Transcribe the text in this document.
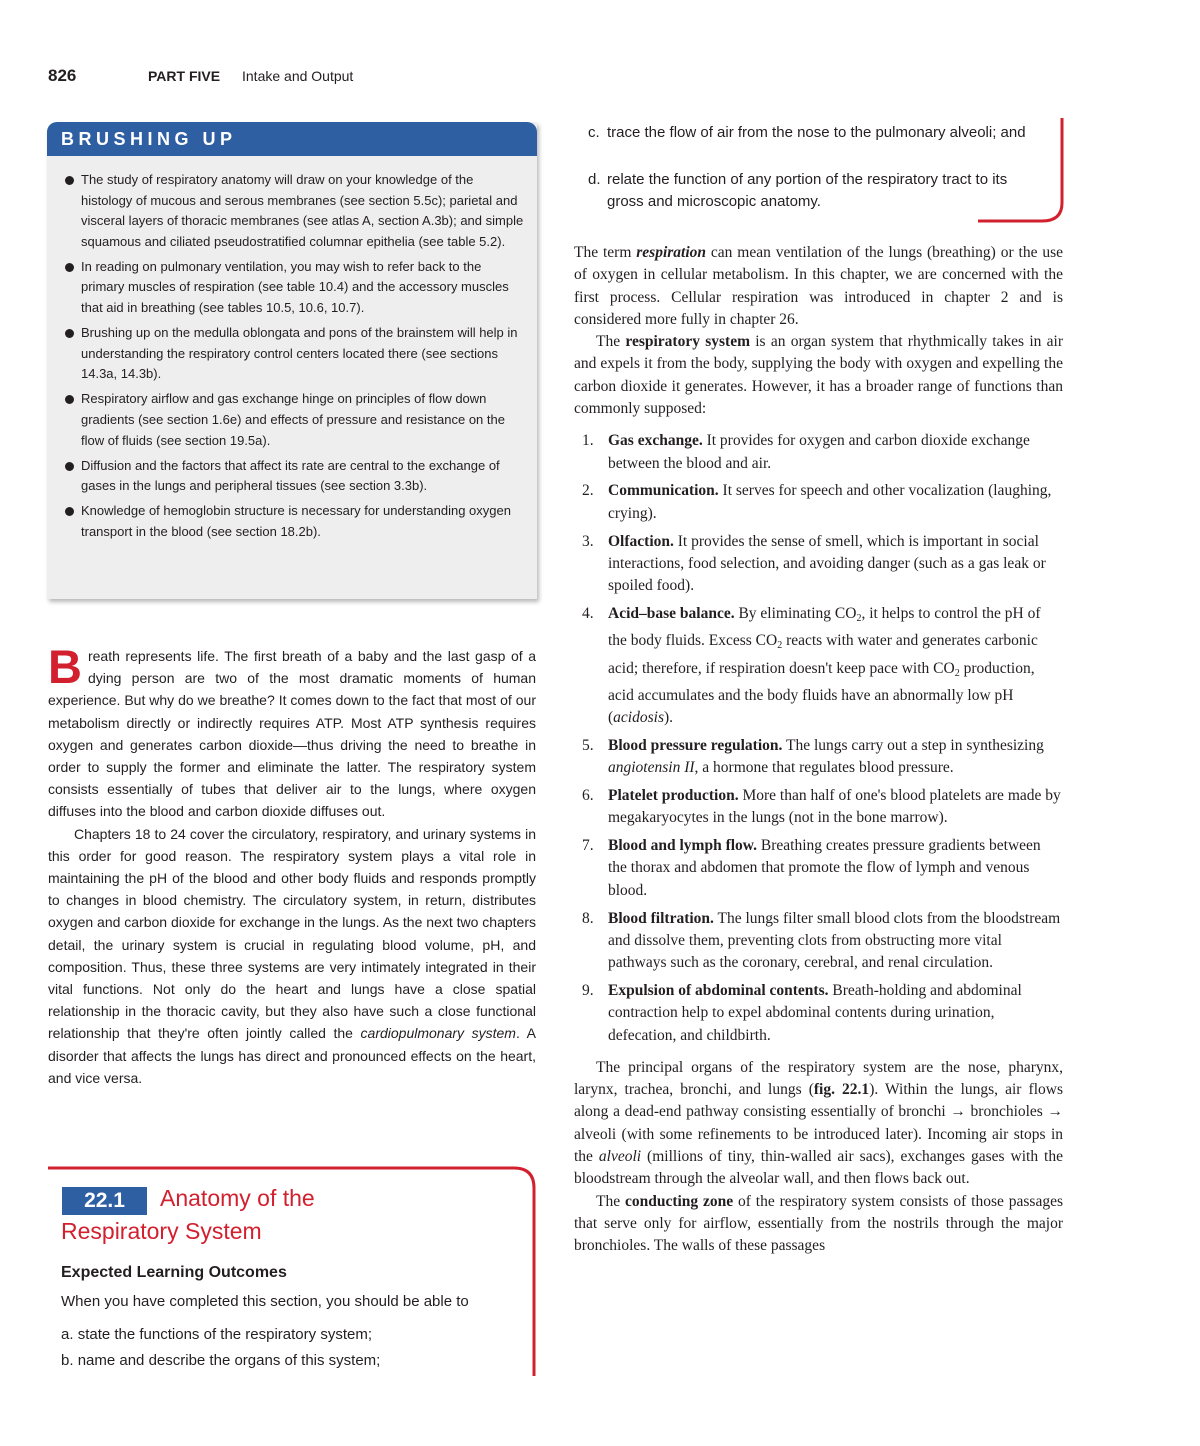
826	PART FIVE Intake and Output
BRUSHING UP
The study of respiratory anatomy will draw on your knowledge of the histology of mucous and serous membranes (see section 5.5c); parietal and visceral layers of thoracic membranes (see atlas A, section A.3b); and simple squamous and ciliated pseudostratified columnar epithelia (see table 5.2).
In reading on pulmonary ventilation, you may wish to refer back to the primary muscles of respiration (see table 10.4) and the accessory muscles that aid in breathing (see tables 10.5, 10.6, 10.7).
Brushing up on the medulla oblongata and pons of the brainstem will help in understanding the respiratory control centers located there (see sections 14.3a, 14.3b).
Respiratory airflow and gas exchange hinge on principles of flow down gradients (see section 1.6e) and effects of pressure and resistance on the flow of fluids (see section 19.5a).
Diffusion and the factors that affect its rate are central to the exchange of gases in the lungs and peripheral tissues (see section 3.3b).
Knowledge of hemoglobin structure is necessary for understanding oxygen transport in the blood (see section 18.2b).

Breath represents life. The first breath of a baby and the last gasp of a dying person are two of the most dramatic moments of human experience. But why do we breathe? It comes down to the fact that most of our metabolism directly or indirectly requires ATP. Most ATP synthesis requires oxygen and generates carbon dioxide—thus driving the need to breathe in order to supply the former and eliminate the latter. The respiratory system consists essentially of tubes that deliver air to the lungs, where oxygen diffuses into the blood and carbon dioxide diffuses out.

Chapters 18 to 24 cover the circulatory, respiratory, and urinary systems in this order for good reason. The respiratory system plays a vital role in maintaining the pH of the blood and other body fluids and responds promptly to changes in blood chemistry. The circulatory system, in return, distributes oxygen and carbon dioxide for exchange in the lungs. As the next two chapters detail, the urinary system is crucial in regulating blood volume, pH, and composition. Thus, these three systems are very intimately integrated in their vital functions. Not only do the heart and lungs have a close spatial relationship in the thoracic cavity, but they also have such a close functional relationship that they're often jointly called the cardiopulmonary system. A disorder that affects the lungs has direct and pronounced effects on the heart, and vice versa.

22.1	Anatomy of the
Respiratory System
Expected Learning Outcomes
When you have completed this section, you should be able to
a. state the functions of the respiratory system;
b. name and describe the organs of this system;
c. trace the flow of air from the nose to the pulmonary alveoli; and
d. relate the function of any portion of the respiratory tract to its gross and microscopic anatomy.

The term respiration can mean ventilation of the lungs (breathing) or the use of oxygen in cellular metabolism. In this chapter, we are concerned with the first process. Cellular respiration was introduced in chapter 2 and is considered more fully in chapter 26.

The respiratory system is an organ system that rhythmically takes in air and expels it from the body, supplying the body with oxygen and expelling the carbon dioxide it generates. However, it has a broader range of functions than commonly supposed:

1. Gas exchange. It provides for oxygen and carbon dioxide exchange between the blood and air.
2. Communication. It serves for speech and other vocalization (laughing, crying).
3. Olfaction. It provides the sense of smell, which is important in social interactions, food selection, and avoiding danger (such as a gas leak or spoiled food).
4. Acid–base balance. By eliminating CO2, it helps to control the pH of the body fluids. Excess CO2 reacts with water and generates carbonic acid; therefore, if respiration doesn't keep pace with CO2 production, acid accumulates and the body fluids have an abnormally low pH (acidosis).
5. Blood pressure regulation. The lungs carry out a step in synthesizing angiotensin II, a hormone that regulates blood pressure.
6. Platelet production. More than half of one's blood platelets are made by megakaryocytes in the lungs (not in the bone marrow).
7. Blood and lymph flow. Breathing creates pressure gradients between the thorax and abdomen that promote the flow of lymph and venous blood.
8. Blood filtration. The lungs filter small blood clots from the bloodstream and dissolve them, preventing clots from obstructing more vital pathways such as the coronary, cerebral, and renal circulation.
9. Expulsion of abdominal contents. Breath-holding and abdominal contraction help to expel abdominal contents during urination, defecation, and childbirth.

The principal organs of the respiratory system are the nose, pharynx, larynx, trachea, bronchi, and lungs (fig. 22.1). Within the lungs, air flows along a dead-end pathway consisting essentially of bronchi → bronchioles → alveoli (with some refinements to be introduced later). Incoming air stops in the alveoli (millions of tiny, thin-walled air sacs), exchanges gases with the bloodstream through the alveolar wall, and then flows back out.

The conducting zone of the respiratory system consists of those passages that serve only for airflow, essentially from the nostrils through the major bronchioles. The walls of these passages
